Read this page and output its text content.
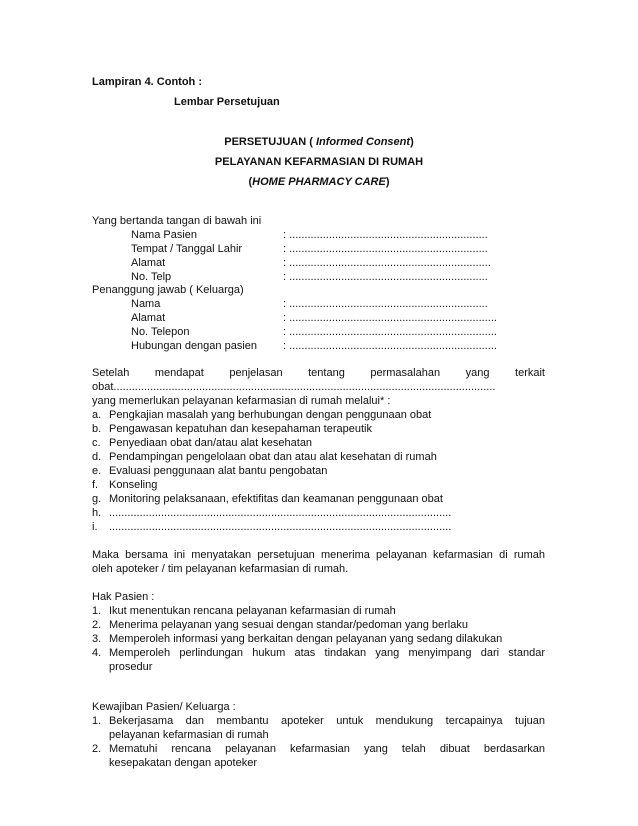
Lampiran 4. Contoh :
Lembar Persetujuan
PERSETUJUAN ( Informed Consent)
PELAYANAN KEFARMASIAN DI RUMAH
(HOME PHARMACY CARE)
Yang bertanda tangan di bawah ini
Nama Pasien	: .................................................................
Tempat / Tanggal Lahir	: .................................................................
Alamat	: ..................................................................
No. Telp	: .................................................................
Penanggung jawab ( Keluarga)
Nama	: .................................................................
Alamat	: ....................................................................
No. Telepon	: ....................................................................
Hubungan dengan pasien : ....................................................................
Setelah mendapat penjelasan tentang permasalahan yang terkait
obat.............................................................................................................................
yang memerlukan pelayanan kefarmasian di rumah melalui* :
a. Pengkajian masalah yang berhubungan dengan penggunaan obat
b. Pengawasan kepatuhan dan kesepahaman terapeutik
c. Penyediaan obat dan/atau alat kesehatan
d. Pendampingan pengelolaan obat dan atau alat kesehatan di rumah
e. Evaluasi penggunaan alat bantu pengobatan
f. Konseling
g. Monitoring pelaksanaan, efektifitas dan keamanan penggunaan obat
h. ................................................................................................................
i. ................................................................................................................
Maka bersama ini menyatakan persetujuan menerima pelayanan kefarmasian di rumah
oleh apoteker / tim pelayanan kefarmasian di rumah.
Hak Pasien :
1. Ikut menentukan rencana pelayanan kefarmasian di rumah
2. Menerima pelayanan yang sesuai dengan standar/pedoman yang berlaku
3. Memperoleh informasi yang berkaitan dengan pelayanan yang sedang dilakukan
4. Memperoleh perlindungan hukum atas tindakan yang menyimpang dari standar
prosedur
Kewajiban Pasien/ Keluarga :
1. Bekerjasama dan membantu apoteker untuk mendukung tercapainya tujuan
pelayanan kefarmasian di rumah
2. Mematuhi rencana pelayanan kefarmasian yang telah dibuat berdasarkan
kesepakatan dengan apoteker
